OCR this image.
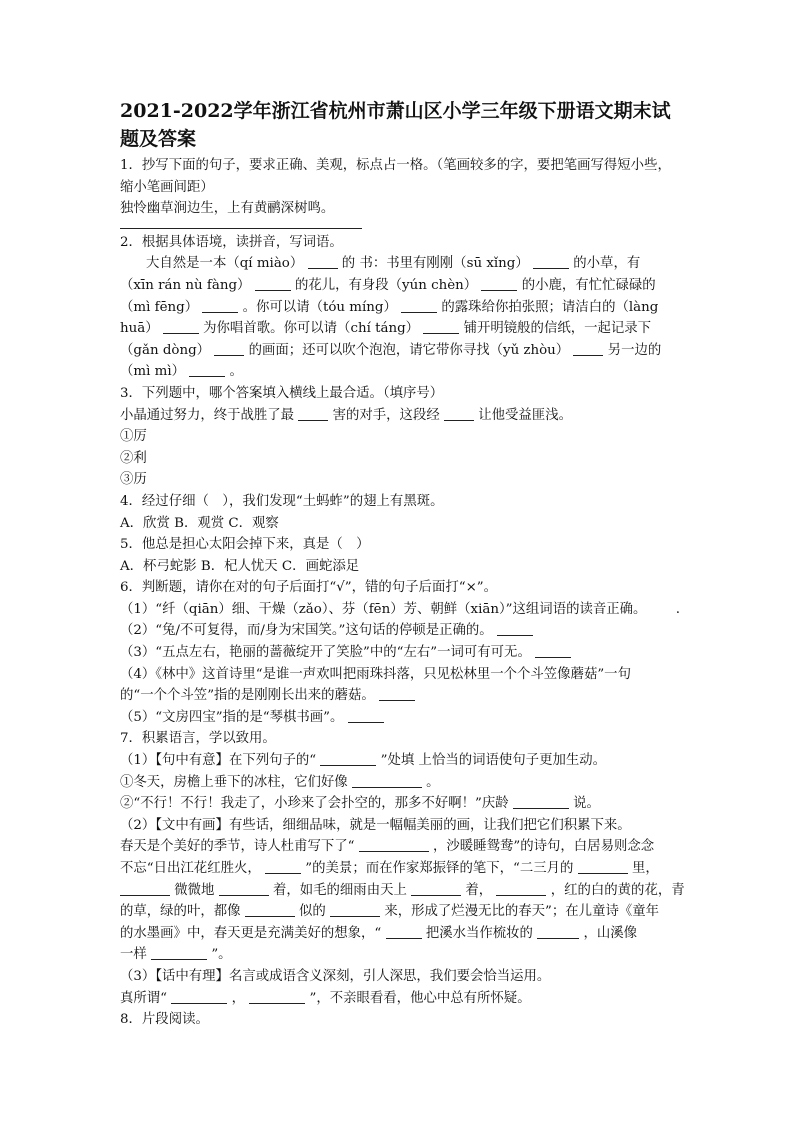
2021-2022学年浙江省杭州市萧山区小学三年级下册语文期末试题及答案
1．抄写下面的句子，要求正确、美观，标点占一格。（笔画较多的字，要把笔画写得短小些，缩小笔画间距）
独怜幽草涧边生，上有黄鹂深树鸣。
2．根据具体语境，读拼音，写词语。
大自然是一本（qí miào）	的 书：书里有刚刚（sū xǐng）	的小草，有
（xīn rán nù fàng）	的花儿，有身段（yún chèn）	的小鹿，有忙忙碌碌的
（mì fēng）	。你可以请（tóu míng）	的露珠给你拍张照；请洁白的（làng
huā）	为你唱首歌。你可以请（chí táng）	铺开明镜般的信纸，一起记录下
（gǎn dòng）	的画面；还可以吹个泡泡，请它带你寻找（yǔ zhòu）	另一边的
（mì mì）	。
3．下列题中，哪个答案填入横线上最合适。（填序号）
小晶通过努力，终于战胜了最	害的对手，这段经	让他受益匪浅。
①厉
②利
③历
4．经过仔细（　），我们发现“土蚂蚱”的翅上有黑斑。
A．欣赏 B．观赏 C．观察
5．他总是担心太阳会掉下来，真是（　）
A．杯弓蛇影 B．杞人忧天 C．画蛇添足
6．判断题，请你在对的句子后面打“√”，错的句子后面打“×”。
（1）“纤（qiān）细、干燥（zǎo）、芬（fēn）芳、朝鲜（xiān）”这组词语的读音正确。 .
（2）“兔/不可复得，而/身为宋国笑。”这句话的停顿是正确的。
（3）“五点左右，艳丽的蔷薇绽开了笑脸”中的“左右”一词可有可无。
（4）《林中》这首诗里“是谁一声欢叫把雨珠抖落，只见松林里一个个斗笠像蘑菇”一句
的“一个个斗笠”指的是刚刚长出来的蘑菇。
（5）“文房四宝”指的是“琴棋书画”。
7．积累语言，学以致用。
（1）【句中有意】在下列句子的“	”处填 上恰当的词语使句子更加生动。
①冬天，房檐上垂下的冰柱，它们好像	。
②“不行！不行！我走了，小珍来了会扑空的，那多不好啊！”庆龄	说。
（2）【文中有画】有些话，细细品味，就是一幅幅美丽的画，让我们把它们积累下来。
春天是个美好的季节，诗人杜甫写下了“	，沙暖睡鸳鸯”的诗句，白居易则念念
不忘“日出江花红胜火，	”的美景；而在作家郑振铎的笔下，“二三月的	里，
微微地	着，如毛的细雨由天上	着，	，红的白的黄的花，青
的草，绿的叶，都像	似的	来，形成了烂漫无比的春天”；在儿童诗《童年
的水墨画》中，春天更是充满美好的想象，“	把溪水当作梳妆的	，山溪像
一样	”。
（3）【话中有理】名言或成语含义深刻，引人深思，我们要会恰当运用。
真所谓“	，	”，不亲眼看看，他心中总有所怀疑。
8．片段阅读。
